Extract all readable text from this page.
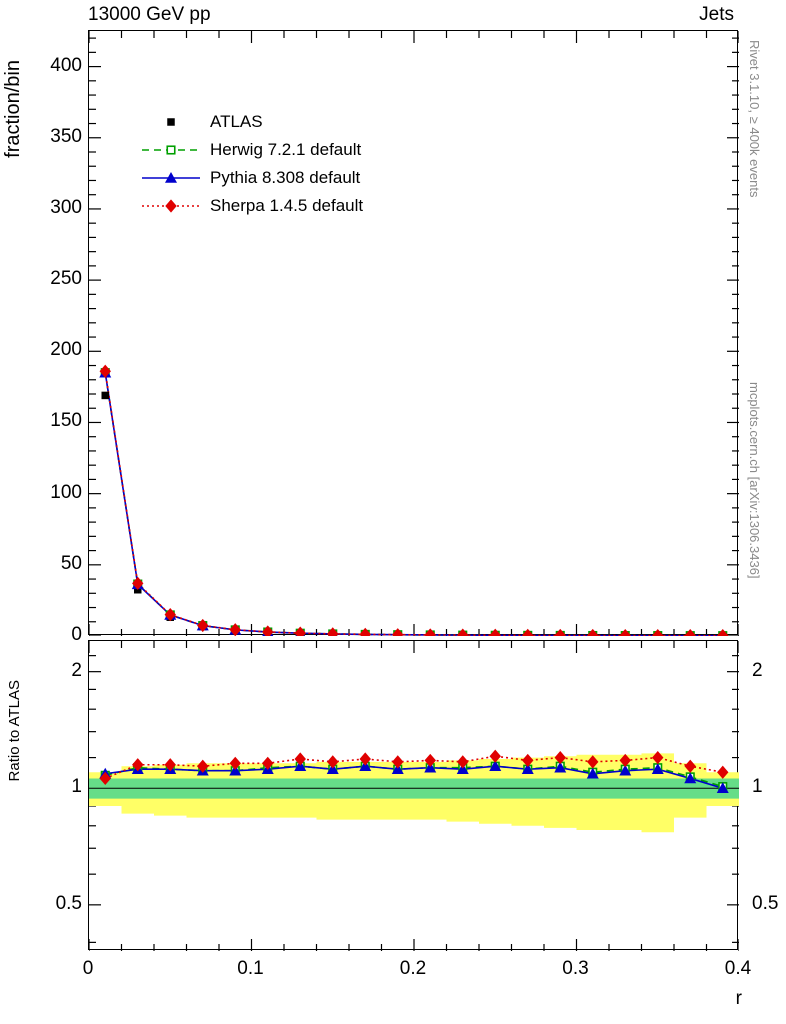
13000 GeV pp	Jets
Rivet 3.1.10, ≥ 400k events
mcplots.cern.ch [arXiv:1306.3436]
fraction/bin
Ratio to ATLAS
r
0
50
100
150
200
250
300
350
400
0.5
1
2
0.5
1
2
0	0.1	0.2	0.3	0.4
ATLAS
Herwig 7.2.1 default
Pythia 8.308 default
Sherpa 1.4.5 default
